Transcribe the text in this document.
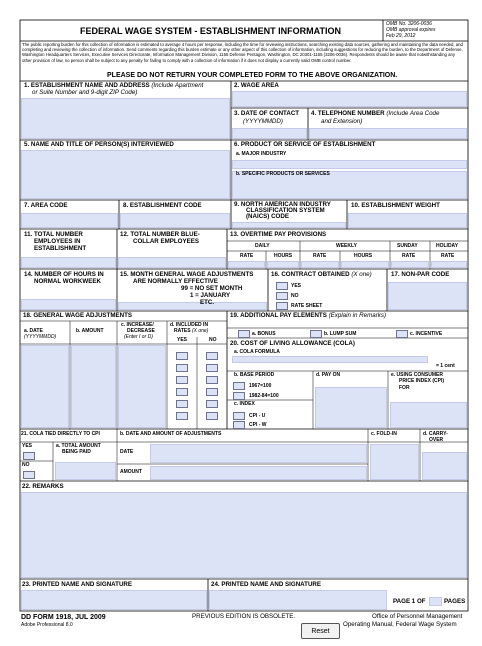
FEDERAL WAGE SYSTEM - ESTABLISHMENT INFORMATION
OMB No. 3206-0036
OMB approval expires
Feb 29, 2012
The public reporting burden for this collection of information is estimated to average 4 hours per response, including the time for reviewing instructions, searching existing data sources, gathering and maintaining the data needed, and completing and reviewing the collection of information. Send comments regarding this burden estimate or any other aspect of this collection of information, including suggestions for reducing the burden, to the Department of Defense, Washington Headquarters Services, Executive Services Directorate, Information Management Division, 1155 Defense Pentagon, Washington, DC 20301-1155 (3206-0036). Respondents should be aware that notwithstanding any other provision of law, no person shall be subject to any penalty for failing to comply with a collection of information if it does not display a currently valid OMB control number.
PLEASE DO NOT RETURN YOUR COMPLETED FORM TO THE ABOVE ORGANIZATION.
1. ESTABLISHMENT NAME AND ADDRESS (Include Apartment
or Suite Number and 9-digit ZIP Code)
2. WAGE AREA
3. DATE OF CONTACT
(YYYYMMDD)
4. TELEPHONE NUMBER (Include Area Code
and Extension)
5. NAME AND TITLE OF PERSON(S) INTERVIEWED	6. PRODUCT OR SERVICE OF ESTABLISHMENT
a. MAJOR INDUSTRY
b. SPECIFIC PRODUCTS OR SERVICES
7. AREA CODE	8. ESTABLISHMENT CODE	9. NORTH AMERICAN INDUSTRY
CLASSIFICATION SYSTEM
(NAICS) CODE
10. ESTABLISHMENT WEIGHT
11. TOTAL NUMBER
EMPLOYEES IN
ESTABLISHMENT
12. TOTAL NUMBER BLUE-
COLLAR EMPLOYEES
13. OVERTIME PAY PROVISIONS
DAILY	WEEKLY	SUNDAY	HOLIDAY
RATE	HOURS	RATE	HOURS	RATE	RATE
14. NUMBER OF HOURS IN
NORMAL WORKWEEK
15. MONTH GENERAL WAGE ADJUSTMENTS
ARE NORMALLY EFFECTIVE
99 = NO SET MONTH
1 = JANUARY
ETC.
16. CONTRACT OBTAINED (X one)
YES
NO
RATE SHEET
17. NON-PAR CODE
18. GENERAL WAGE ADJUSTMENTS
a. DATE
(YYYYMMDD)
b. AMOUNT
c. INCREASE/
DECREASE
(Enter I or D)
d. INCLUDED IN
RATES (X one)
YES	NO
19. ADDITIONAL PAY ELEMENTS (Explain in Remarks)
a. BONUS	b. LUMP SUM	c. INCENTIVE
20. COST OF LIVING ALLOWANCE (COLA)
a. COLA FORMULA
= 1 cent
b. BASE PERIOD
1967=100
1982-84=100
c. INDEX
CPI - U
CPI - W
d. PAY ON	e. USING CONSUMER
PRICE INDEX (CPI)
FOR
21. COLA TIED DIRECTLY TO CPI
YES
NO
a. TOTAL AMOUNT
BEING PAID
b. DATE AND AMOUNT OF ADJUSTMENTS
DATE
AMOUNT
c. FOLD-IN	d. CARRY-
OVER
22. REMARKS
23. PRINTED NAME AND SIGNATURE	24. PRINTED NAME AND SIGNATURE
PAGE 1 OF	PAGES
DD FORM 1918, JUL 2009
Adobe Professional 8.0
PREVIOUS EDITION IS OBSOLETE.
Reset
Office of Personnel Management
Operating Manual, Federal Wage System
